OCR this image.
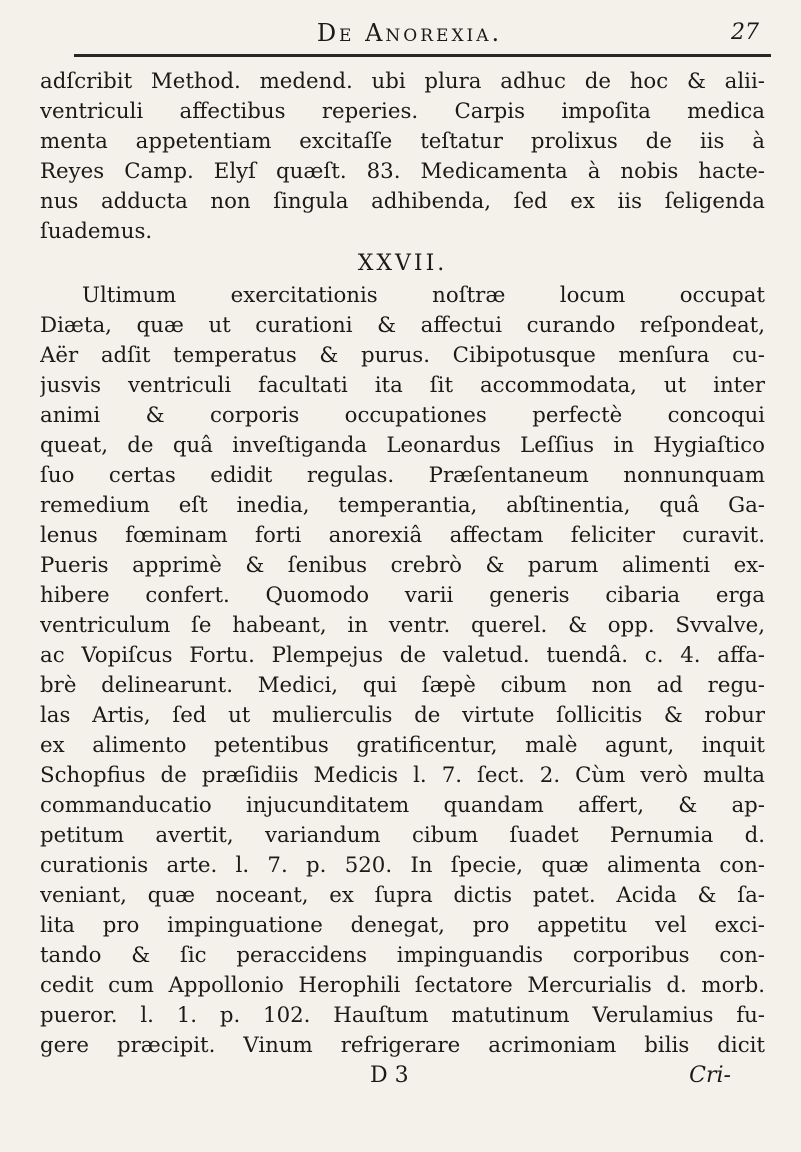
De Anorexia.	27
adſcribit Method. medend. ubi plura adhuc de hoc & alii-
ventriculi affectibus reperies. Carpis impoſita medica
menta appetentiam excitaſſe teſtatur prolixus de iis à
Reyes Camp. Elyſ quæſt. 83. Medicamenta à nobis hacte-
nus adducta non ſingula adhibenda, ſed ex iis ſeligenda
ſuademus.
XXVII.
Ultimum exercitationis noſtræ locum occupat
Diæta, quæ ut curationi & affectui curando reſpondeat,
Aër adſit temperatus & purus. Cibipotusque menſura cu-
jusvis ventriculi facultati ita ſit accommodata, ut inter
animi & corporis occupationes perfectè concoqui
queat, de quâ inveſtiganda Leonardus Leſſius in Hygiaſtico
ſuo certas edidit regulas. Præſentaneum nonnunquam
remedium eſt inedia, temperantia, abſtinentia, quâ Ga-
lenus fœminam forti anorexiâ affectam feliciter curavit.
Pueris apprimè & ſenibus crebrò & parum alimenti ex-
hibere confert. Quomodo varii generis cibaria erga
ventriculum ſe habeant, in ventr. querel. & opp. Svvalve,
ac Vopiſcus Fortu. Plempejus de valetud. tuendâ. c. 4. affa-
brè delinearunt. Medici, qui ſæpè cibum non ad regu-
las Artis, ſed ut mulierculis de virtute ſollicitis & robur
ex alimento petentibus gratificentur, malè agunt, inquit
Schopfius de præſidiis Medicis l. 7. ſect. 2. Cùm verò multa
commanducatio injucunditatem quandam affert, & ap-
petitum avertit, variandum cibum ſuadet Pernumia d.
curationis arte. l. 7. p. 520. In ſpecie, quæ alimenta con-
veniant, quæ noceant, ex ſupra dictis patet. Acida & ſa-
lita pro impinguatione denegat, pro appetitu vel exci-
tando & ſic peraccidens impinguandis corporibus con-
cedit cum Appollonio Herophili ſectatore Mercurialis d. morb.
pueror. l. 1. p. 102. Hauſtum matutinum Verulamius fu-
gere præcipit. Vinum refrigerare acrimoniam bilis dicit
D 3	Cri-
